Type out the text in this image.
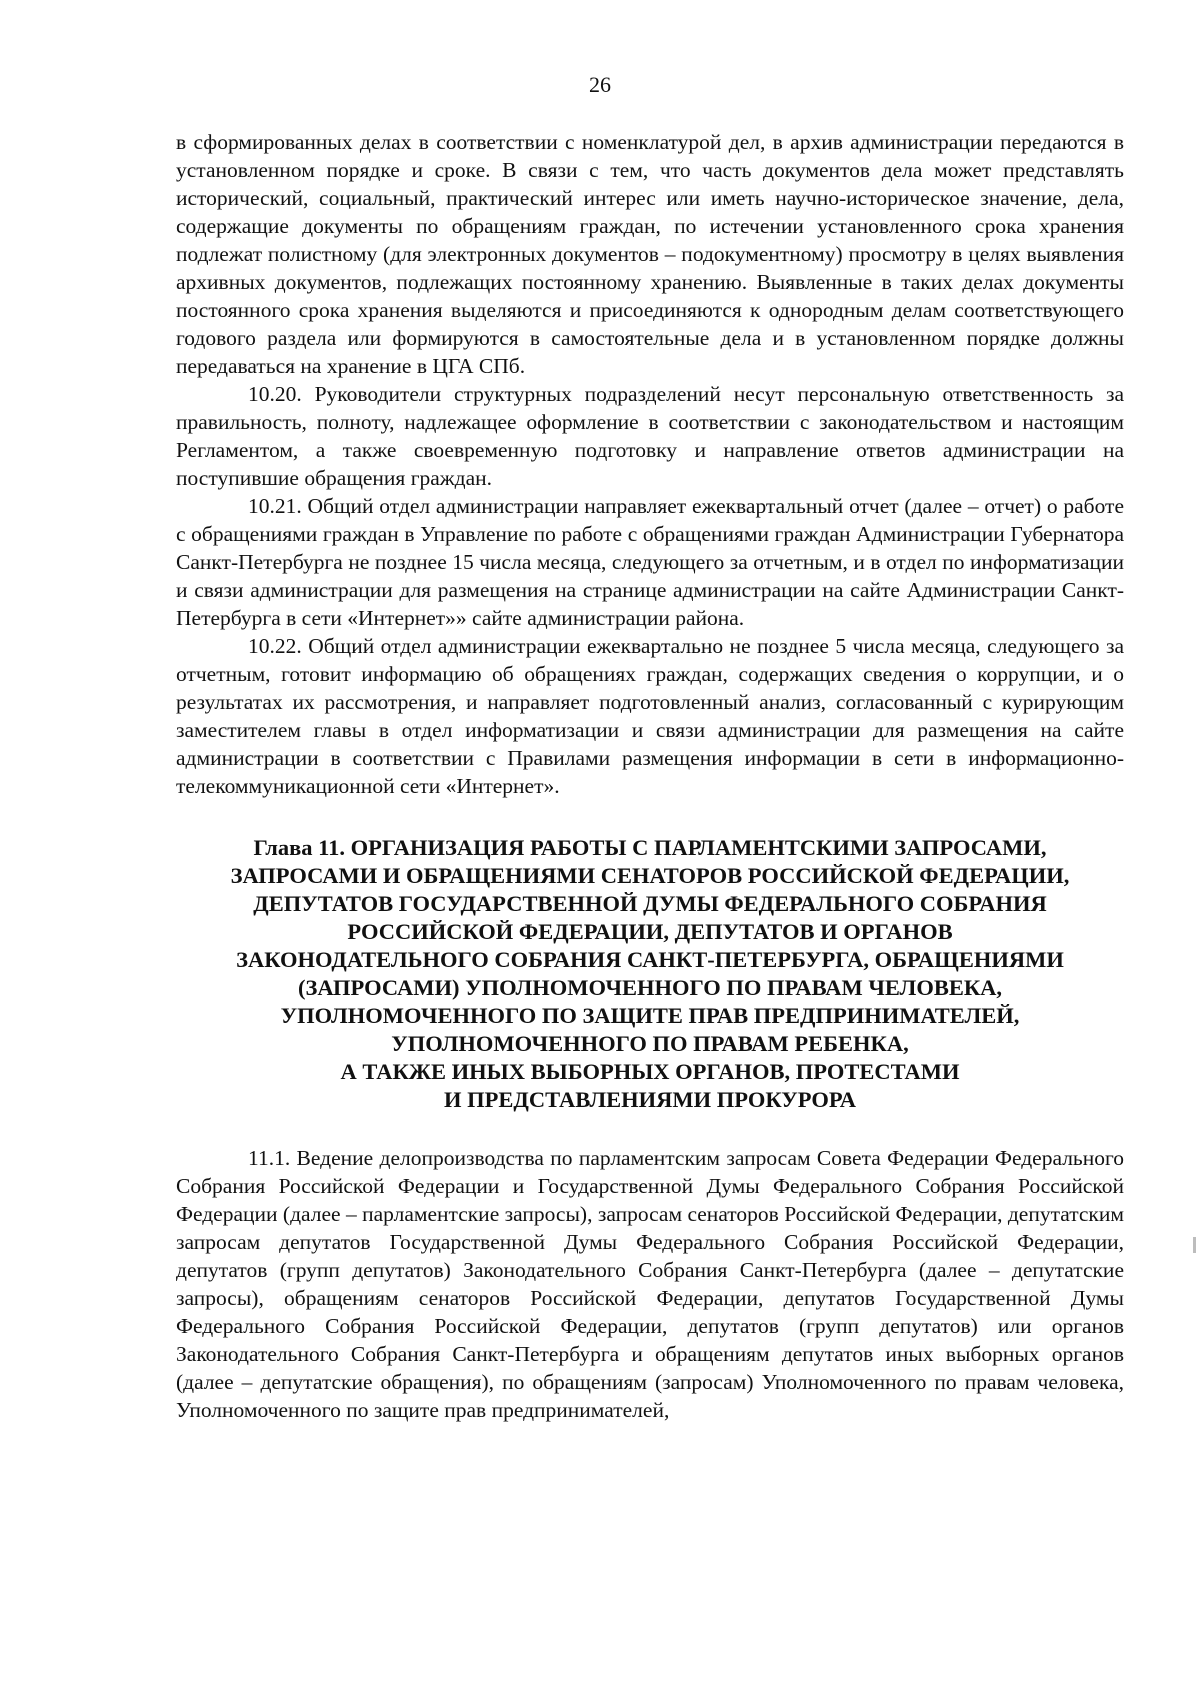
26

в сформированных делах в соответствии с номенклатурой дел, в архив администрации передаются в установленном порядке и сроке. В связи с тем, что часть документов дела может представлять исторический, социальный, практический интерес или иметь научно-историческое значение, дела, содержащие документы по обращениям граждан, по истечении установленного срока хранения подлежат полистному (для электронных документов – подокументному) просмотру в целях выявления архивных документов, подлежащих постоянному хранению. Выявленные в таких делах документы постоянного срока хранения выделяются и присоединяются к однородным делам соответствующего годового раздела или формируются в самостоятельные дела и в установленном порядке должны передаваться на хранение в ЦГА СПб.

10.20. Руководители структурных подразделений несут персональную ответственность за правильность, полноту, надлежащее оформление в соответствии с законодательством и настоящим Регламентом, а также своевременную подготовку и направление ответов администрации на поступившие обращения граждан.

10.21. Общий отдел администрации направляет ежеквартальный отчет (далее – отчет) о работе с обращениями граждан в Управление по работе с обращениями граждан Администрации Губернатора Санкт-Петербурга не позднее 15 числа месяца, следующего за отчетным, и в отдел по информатизации и связи администрации для размещения на странице администрации на сайте Администрации Санкт-Петербурга в сети «Интернет»» сайте администрации района.

10.22. Общий отдел администрации ежеквартально не позднее 5 числа месяца, следующего за отчетным, готовит информацию об обращениях граждан, содержащих сведения о коррупции, и о результатах их рассмотрения, и направляет подготовленный анализ, согласованный с курирующим заместителем главы в отдел информатизации и связи администрации для размещения на сайте администрации в соответствии с Правилами размещения информации в сети в информационно-телекоммуникационной сети «Интернет».

Глава 11. ОРГАНИЗАЦИЯ РАБОТЫ С ПАРЛАМЕНТСКИМИ ЗАПРОСАМИ,
ЗАПРОСАМИ И ОБРАЩЕНИЯМИ СЕНАТОРОВ РОССИЙСКОЙ ФЕДЕРАЦИИ,
ДЕПУТАТОВ ГОСУДАРСТВЕННОЙ ДУМЫ ФЕДЕРАЛЬНОГО СОБРАНИЯ
РОССИЙСКОЙ ФЕДЕРАЦИИ, ДЕПУТАТОВ И ОРГАНОВ
ЗАКОНОДАТЕЛЬНОГО СОБРАНИЯ САНКТ-ПЕТЕРБУРГА, ОБРАЩЕНИЯМИ
(ЗАПРОСАМИ) УПОЛНОМОЧЕННОГО ПО ПРАВАМ ЧЕЛОВЕКА,
УПОЛНОМОЧЕННОГО ПО ЗАЩИТЕ ПРАВ ПРЕДПРИНИМАТЕЛЕЙ,
УПОЛНОМОЧЕННОГО ПО ПРАВАМ РЕБЕНКА,
А ТАКЖЕ ИНЫХ ВЫБОРНЫХ ОРГАНОВ, ПРОТЕСТАМИ
И ПРЕДСТАВЛЕНИЯМИ ПРОКУРОРА

11.1. Ведение делопроизводства по парламентским запросам Совета Федерации Федерального Собрания Российской Федерации и Государственной Думы Федерального Собрания Российской Федерации (далее – парламентские запросы), запросам сенаторов Российской Федерации, депутатским запросам депутатов Государственной Думы Федерального Собрания Российской Федерации, депутатов (групп депутатов) Законодательного Собрания Санкт-Петербурга (далее – депутатские запросы), обращениям сенаторов Российской Федерации, депутатов Государственной Думы Федерального Собрания Российской Федерации, депутатов (групп депутатов) или органов Законодательного Собрания Санкт-Петербурга и обращениям депутатов иных выборных органов (далее – депутатские обращения), по обращениям (запросам) Уполномоченного по правам человека, Уполномоченного по защите прав предпринимателей,
